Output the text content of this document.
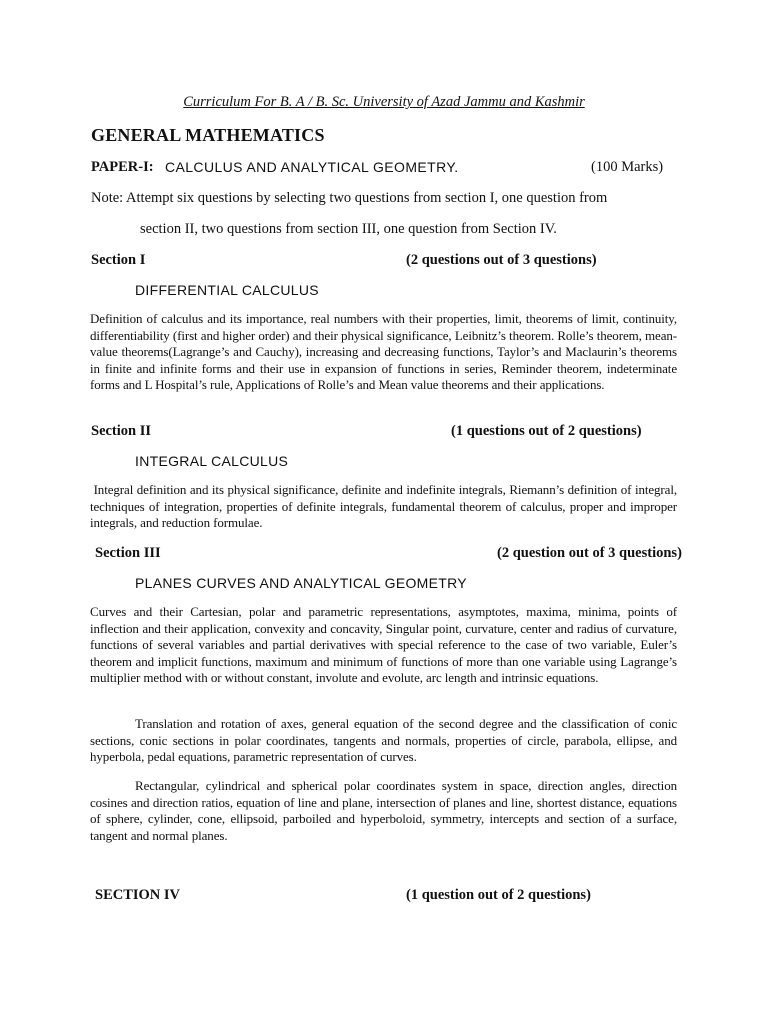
Curriculum For B. A / B. Sc. University of Azad Jammu and Kashmir
GENERAL MATHEMATICS
PAPER-I: CALCULUS AND ANALYTICAL GEOMETRY.	(100 Marks)
Note: Attempt six questions by selecting two questions from section I, one question from
section II, two questions from section III, one question from Section IV.
Section I	(2 questions out of 3 questions)
DIFFERENTIAL CALCULUS
Definition of calculus and its importance, real numbers with their properties, limit, theorems of limit, continuity, differentiability (first and higher order) and their physical significance, Leibnitz’s theorem. Rolle’s theorem, mean-value theorems(Lagrange’s and Cauchy), increasing and decreasing functions, Taylor’s and Maclaurin’s theorems in finite and infinite forms and their use in expansion of functions in series, Reminder theorem, indeterminate forms and L Hospital’s rule, Applications of Rolle’s and Mean value theorems and their applications.
Section II	(1 questions out of 2 questions)
INTEGRAL CALCULUS
Integral definition and its physical significance, definite and indefinite integrals, Riemann’s definition of integral, techniques of integration, properties of definite integrals, fundamental theorem of calculus, proper and improper integrals, and reduction formulae.
Section III	(2 question out of 3 questions)
PLANES CURVES AND ANALYTICAL GEOMETRY
Curves and their Cartesian, polar and parametric representations, asymptotes, maxima, minima, points of inflection and their application, convexity and concavity, Singular point, curvature, center and radius of curvature, functions of several variables and partial derivatives with special reference to the case of two variable, Euler’s theorem and implicit functions, maximum and minimum of functions of more than one variable using Lagrange’s multiplier method with or without constant, involute and evolute, arc length and intrinsic equations.
Translation and rotation of axes, general equation of the second degree and the classification of conic sections, conic sections in polar coordinates, tangents and normals, properties of circle, parabola, ellipse, and hyperbola, pedal equations, parametric representation of curves.
Rectangular, cylindrical and spherical polar coordinates system in space, direction angles, direction cosines and direction ratios, equation of line and plane, intersection of planes and line, shortest distance, equations of sphere, cylinder, cone, ellipsoid, parboiled and hyperboloid, symmetry, intercepts and section of a surface, tangent and normal planes.
SECTION IV	(1 question out of 2 questions)
